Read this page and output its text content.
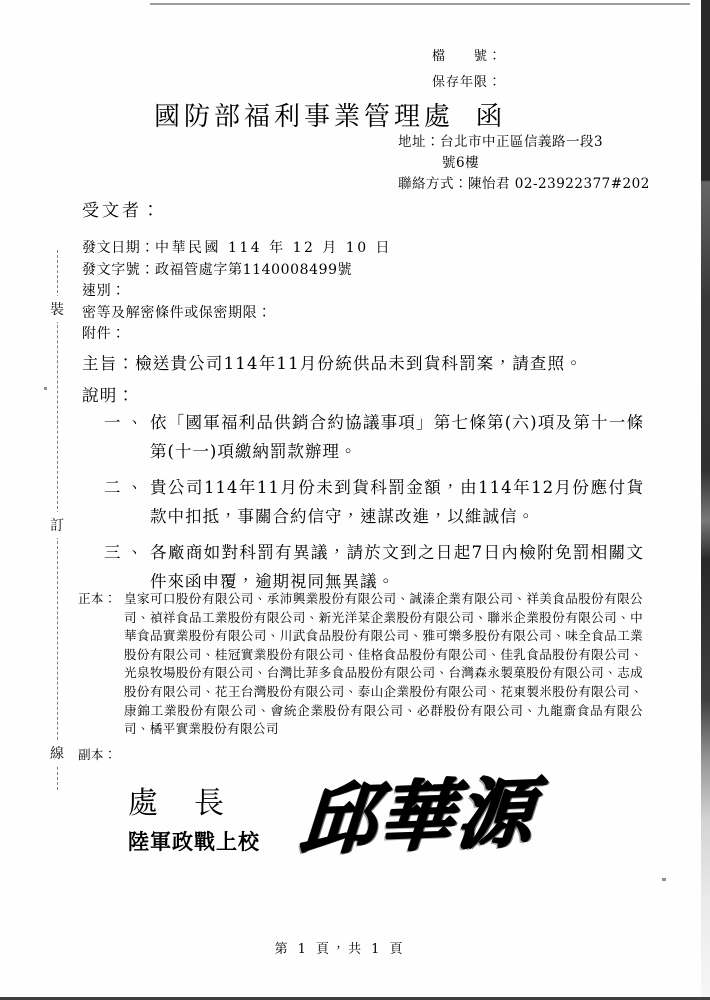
裝
訂
線
檔　　號：
保存年限：
國防部福利事業管理處 函
地址：台北市中正區信義路一段3
號6樓
聯絡方式：陳怡君 02-23922377#202
受文者：
發文日期：中華民國 114 年 12 月 10 日
發文字號：政福管處字第1140008499號
速別：
密等及解密條件或保密期限：
附件：
主旨：檢送貴公司114年11月份統供品未到貨科罰案，請查照。
說明：
一、 依「國軍福利品供銷合約協議事項」第七條第(六)項及第十一條第(十一)項繳納罰款辦理。
二、 貴公司114年11月份未到貨科罰金額，由114年12月份應付貨款中扣抵，事關合約信守，速謀改進，以維誠信。
三、 各廠商如對科罰有異議，請於文到之日起7日內檢附免罰相關文件來函申覆，逾期視同無異議。
正本： 皇家可口股份有限公司、承沛興業股份有限公司、誠溱企業有限公司、祥美食品股份有限公司、禎祥食品工業股份有限公司、新光洋菜企業股份有限公司、聯米企業股份有限公司、中華食品實業股份有限公司、川武食品股份有限公司、雅可樂多股份有限公司、味全食品工業股份有限公司、桂冠實業股份有限公司、佳格食品股份有限公司、佳乳食品股份有限公司、光泉牧場股份有限公司、台灣比菲多食品股份有限公司、台灣森永製菓股份有限公司、志成股份有限公司、花王台灣股份有限公司、泰山企業股份有限公司、花東製米股份有限公司、康錦工業股份有限公司、會統企業股份有限公司、必群股份有限公司、九龍齋食品有限公司、橘平實業股份有限公司
副本：
處 長
陸軍政戰上校 邱華源
第 1 頁，共 1 頁
